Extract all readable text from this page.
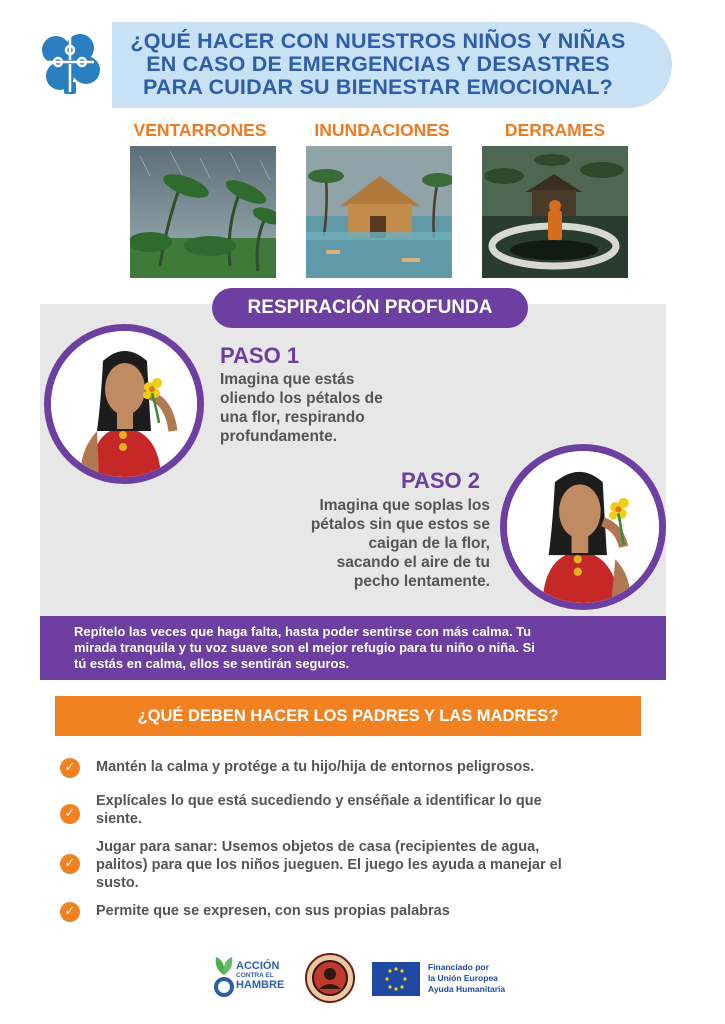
¿QUÉ HACER CON NUESTROS NIÑOS Y NIÑAS
EN CASO DE EMERGENCIAS Y DESASTRES
PARA CUIDAR SU BIENESTAR EMOCIONAL?
VENTARRONES	INUNDACIONES	DERRAMES
RESPIRACIÓN PROFUNDA
PASO 1
Imagina que estás
oliendo los pétalos de
una flor, respirando
profundamente.
PASO 2
Imagina que soplas los
pétalos sin que estos se
caigan de la flor,
sacando el aire de tu
pecho lentamente.
Repítelo las veces que haga falta, hasta poder sentirse con más calma. Tu
mirada tranquila y tu voz suave son el mejor refugio para tu niño o niña. Si
tú estás en calma, ellos se sentirán seguros.
¿QUÉ DEBEN HACER LOS PADRES Y LAS MADRES?
✓	Mantén la calma y protége a tu hijo/hija de entornos peligrosos.
✓
Explícales lo que está sucediendo y enséñale a identificar lo que
siente.
✓
Jugar para sanar: Usemos objetos de casa (recipientes de agua,
palitos) para que los niños jueguen. El juego les ayuda a manejar el
susto.
✓	Permite que se expresen, con sus propias palabras
ACCIÓN
CONTRA EL
HAMBRE
Financiado por
la Unión Europea
Ayuda Humanitaria
